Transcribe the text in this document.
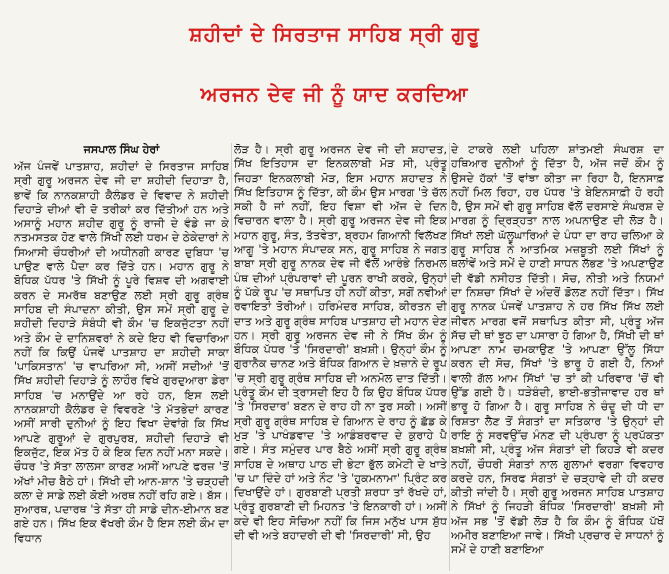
ਸ਼ਹੀਦਾਂ ਦੇ ਸਿਰਤਾਜ ਸਾਹਿਬ ਸ੍ਰੀ ਗੁਰੂ
ਅਰਜਨ ਦੇਵ ਜੀ ਨੂੰ ਯਾਦ ਕਰਦਿਆ
ਜਸਪਾਲ ਸਿੰਘ ਹੇਰਾਂ
ਅੱਜ ਪੰਜਵੇਂ ਪਾਤਸ਼ਾਹ, ਸ਼ਹੀਦਾਂ ਦੇ ਸਿਰਤਾਜ ਸਾਹਿਬ ਸ੍ਰੀ ਗੁਰੂ ਅਰਜਨ ਦੇਵ ਜੀ ਦਾ ਸ਼ਹੀਦੀ ਦਿਹਾੜਾ ਹੈ, ਭਾਵੇਂ ਕਿ ਨਾਨਕਸ਼ਾਹੀ ਕੈਲੰਡਰ ਦੇ ਵਿਵਾਦ ਨੇ ਸ਼ਹੀਦੀ ਦਿਹਾੜੇ ਦੀਆਂ ਵੀ ਦੋ ਤਰੀਕਾਂ ਕਰ ਦਿੱਤੀਆਂ ਹਨ ਅਤੇ ਅਸਾਨੂੰ ਮਹਾਨ ਸ਼ਹੀਦ ਗੁਰੂ ਨੂੰ ਰਾਜੀ ਦੇ ਵੰਡੇ ਜਾ ਕੇ ਨਤਮਸਤਕ ਹੋਣ ਵਾਲੇ ਸਿੱਖੀ ਲਈ ਧਰਮ ਦੇ ਠੇਕੇਦਾਰਾਂ ਨੇ ਸਿਆਸੀ ਚੌਧਰੀਆਂ ਦੀ ਅਧੀਨਗੀ ਕਾਰਣ ਦੁਬਿਧਾ 'ਚ ਪਾਉਣ ਵਾਲੇ ਪੈਦਾ ਕਰ ਦਿੱਤੇ ਹਨ। ਮਹਾਨ ਗੁਰੂ ਨੇ ਬੋਧਿਕ ਪੱਧਰ 'ਤੇ ਸਿੱਖੀ ਨੂੰ ਪੂਰੇ ਵਿਸ਼ਵ ਦੀ ਅਗਵਾਈ ਕਰਨ ਦੇ ਸਮਰੱਥ ਬਣਾਉਣ ਲਈ ਸ੍ਰੀ ਗੁਰੂ ਗ੍ਰੰਥ ਸਾਹਿਬ ਦੀ ਸੰਪਾਦਨਾ ਕੀਤੀ, ਉਸ ਸਮੇਂ ਸ੍ਰੀ ਗੁਰੂ ਦੇ ਸ਼ਹੀਦੀ ਦਿਹਾੜੇ ਸੰਬੰਧੀ ਵੀ ਕੌਮ 'ਚ ਇਕਜੁੱਟਤਾ ਨਹੀਂ ਅਤੇ ਕੌਮ ਦੇ ਦਾਨਿਸ਼ਵਰਾਂ ਨੇ ਕਦੇ ਇਹ ਵੀ ਵਿਚਾਰਿਆ ਨਹੀਂ ਕਿ ਕਿਉਂ ਪੰਜਵੇਂ ਪਾਤਸ਼ਾਹ ਦਾ ਸ਼ਹੀਦੀ ਸਾਕਾ 'ਪਾਕਿਸਤਾਨ' 'ਚ ਵਾਪਰਿਆ ਸੀ, ਅਸੀਂ ਸਦੀਆਂ 'ਤੋਂ ਸਿੱਖ ਸ਼ਹੀਦੀ ਦਿਹਾੜੇ ਨੂੰ ਲਾਹੌਰ ਵਿਖੇ ਗੁਰਦੁਆਰਾ ਡੇਰਾ ਸਾਹਿਬ 'ਚ ਮਨਾਉਂਦੇ ਆ ਰਹੇ ਹਨ, ਇਸ ਲਈ ਨਾਨਕਸ਼ਾਹੀ ਕੈਲੰਡਰ ਦੇ ਵਿਵਰਣੇ 'ਤੇ ਮੱਤਭੇਦਾਂ ਕਾਰਣ ਅਸੀਂ ਸਾਰੀ ਦੁਨੀਆਂ ਨੂੰ ਇਹ ਵਿਖਾ ਦੇਵਾਂਗੇ ਕਿ ਸਿੱਖ ਆਪਣੇ ਗੁਰੂਆਂ ਦੇ ਗੁਰਪੁਰਬ, ਸ਼ਹੀਦੀ ਦਿਹਾੜੇ ਵੀ ਇਕਜੁੱਟ, ਇਕ ਮੱਤ ਹੋ ਕੇ ਇਕ ਦਿਨ ਨਹੀਂ ਮਨਾ ਸਕਦੇ। ਚੌਧਰ 'ਤੇ ਸੱਤਾ ਲਾਲਸਾ ਕਾਰਣ ਅਸੀਂ ਆਪਣੇ ਫਰਜ਼ 'ਤੋਂ ਅੱਖਾਂ ਮੀਚ ਬੈਠੇ ਹਾਂ। ਸਿੱਖੀ ਦੀ ਆਨ-ਸ਼ਾਨ 'ਤੇ ਚੜ੍ਹਦੀ ਕਲਾ ਦੇ ਸਾਡੇ ਲਈ ਕੋਈ ਅਰਥ ਨਹੀਂ ਰਹਿ ਗਏ। ਬੱਸ। ਸੁਆਰਥ, ਪਦਾਰਥ 'ਤੇ ਸੱਤਾ ਹੀ ਸਾਡੇ ਦੀਨ-ਈਮਾਨ ਬਣ ਗਏ ਹਨ। ਸਿੱਖ ਇਕ ਵੱਖਰੀ ਕੌਮ ਹੈ ਇਸ ਲਈ ਕੌਮ ਦਾ ਵਿਧਾਨ
ਲੋੜ ਹੈ। ਸ੍ਰੀ ਗੁਰੂ ਅਰਜਨ ਦੇਵ ਜੀ ਦੀ ਸ਼ਹਾਦਤ, ਸਿੱਖ ਇਤਿਹਾਸ ਦਾ ਇਨਕਲਾਬੀ ਮੋੜ ਸੀ, ਪ੍ਰੰਤੂ ਜਿਹੜਾ ਇਨਕਲਾਬੀ ਮੋੜ, ਇਸ ਮਹਾਨ ਸ਼ਹਾਦਤ ਨੇ ਸਿੱਖ ਇਤਿਹਾਸ ਨੂੰ ਦਿੱਤਾ, ਕੀ ਕੌਮ ਉਸ ਮਾਰਗ 'ਤੇ ਚੱਲ ਸਕੀ ਹੈ ਜਾਂ ਨਹੀਂ, ਇਹ ਵਿਸ਼ਾ ਵੀ ਅੱਜ ਦੇ ਦਿਨ ਵਿਚਾਰਨ ਵਾਲਾ ਹੈ। ਸ੍ਰੀ ਗੁਰੂ ਅਰਜਨ ਦੇਵ ਜੀ ਇਕ ਮਹਾਨ ਗੁਰੂ, ਸੰਤ, ਤੱਤਵੇਤਾ, ਬ੍ਰਹਮ ਗਿਆਨੀ ਵਿਲੱਖਣ ਆਗੂ 'ਤੇ ਮਹਾਨ ਸੰਪਾਦਕ ਸਨ, ਗੁਰੂ ਸਾਹਿਬ ਨੇ ਜਗਤ ਬਾਬਾ ਸ੍ਰੀ ਗੁਰੂ ਨਾਨਕ ਦੇਵ ਜੀ ਵੱਲੋਂ ਆਰੰਭੇ ਨਿਰਮਲ ਪੰਥ ਦੀਆਂ ਪ੍ਰੰਪਰਾਵਾਂ ਦੀ ਪੂਰਨ ਰਾਖੀ ਕਰਕੇ, ਉਨ੍ਹਾਂ ਨੂੰ ਪੱਕੇ ਰੂਪ 'ਚ ਸਥਾਪਿਤ ਹੀ ਨਹੀਂ ਕੀਤਾ, ਸਗੋਂ ਨਵੀਆਂ ਰਵਾਇਤਾਂ ਤੋਰੀਆਂ। ਹਰਿਮੰਦਰ ਸਾਹਿਬ, ਕੀਰਤਨ ਦੀ ਦਾਤ ਅਤੇ ਗੁਰੂ ਗ੍ਰੰਥ ਸਾਹਿਬ ਪਾਤਸ਼ਾਹ ਦੀ ਮਹਾਨ ਦੇਣ ਹਨ। ਸ੍ਰੀ ਗੁਰੂ ਅਰਜਨ ਦੇਵ ਜੀ ਨੇ ਸਿੱਖ ਕੌਮ ਨੂੰ ਬੌਧਿਕ ਪੱਧਰ 'ਤੇ 'ਸਿਰਦਾਰੀ' ਬਖ਼ਸ਼ੀ। ਉਨ੍ਹਾਂ ਕੌਮ ਨੂੰ ਗੁਰਾਨੈਕ ਚਾਨਣ ਅਤੇ ਬੌਧਿਕ ਗਿਆਨ ਦੇ ਖ਼ਜ਼ਾਨੇ ਦੇ ਰੂਪ 'ਚ ਸ੍ਰੀ ਗੁਰੂ ਗ੍ਰੰਥ ਸਾਹਿਬ ਦੀ ਅਨਮੋਲ ਦਾਤ ਦਿੱਤੀ। ਪ੍ਰੰਤੂ ਕੌਮ ਦੀ ਤ੍ਰਾਸਦੀ ਇਹ ਹੈ ਕਿ ਉਹ ਬੌਧਿਕ ਪੱਧਰ 'ਤੇ 'ਸਿਰਦਾਰ' ਬਣਨ ਦੇ ਰਾਹ ਹੀ ਨਾ ਤੁਰ ਸਕੀ। ਅਸੀਂ ਸ੍ਰੀ ਗੁਰੂ ਗ੍ਰੰਥ ਸਾਹਿਬ ਦੇ ਗਿਆਨ ਦੇ ਰਾਹ ਨੂੰ ਛੱਡ ਕੇ ਮੁੜ 'ਤੇ ਪਾਖੰਡਵਾਦ 'ਤੇ ਆਡੰਬਰਵਾਦ ਦੇ ਕੁਰਾਹੇ ਪੈ ਗਏ। ਸੰਤ ਸਮੁੰਦਰ ਪਾਰ ਬੈਠੇ ਅਸੀਂ ਸ੍ਰੀ ਗੁਰੂ ਗ੍ਰੰਥ ਸਾਹਿਬ ਦੇ ਅਥਾਹ ਪਾਠ ਦੀ ਭੇਟਾ ਭੁੱਲ ਕਮੇਟੀ ਦੇ ਖਾਤੇ 'ਚ ਪਾ ਦਿੰਦੇ ਹਾਂ ਅਤੇ ਨੌਟ 'ਤੇ 'ਹੁਕਮਨਾਮਾ' ਪ੍ਰਿੰਟ ਕਰ ਦਿਖਾਉਂਦੇ ਹਾਂ। ਗੁਰਬਾਣੀ ਪ੍ਰਤੀ ਸ਼ਰਧਾ ਤਾਂ ਰੱਖਦੇ ਹਾਂ, ਪ੍ਰੰਤੂ ਗੁਰਬਾਣੀ ਦੀ ਮਿਹਨਤ 'ਤੇ ਇਨਕਾਰੀ ਹਾਂ। ਅਸੀਂ ਕਦੇ ਵੀ ਇਹ ਸੋਚਿਆ ਨਹੀਂ ਕਿ ਜਿਸ ਮਨੁੱਖ ਪਾਸ ਸ਼ੁੱਧ ਦੀ ਵੀ ਅਤੇ ਬਹਾਦਰੀ ਦੀ ਵੀ 'ਸਿਰਦਾਰੀ' ਸੀ, ਉਹ
ਦੇ ਟਾਕਰੇ ਲਈ ਪਹਿਲਾ ਸ਼ਾਂਤਮਈ ਸੰਘਰਸ਼ ਦਾ ਹਥਿਆਰ ਦੁਨੀਆਂ ਨੂੰ ਦਿੱਤਾ ਹੈ, ਅੱਜ ਜਦੋਂ ਕੌਮ ਨੂੰ ਉਸਦੇ ਹੱਕਾਂ 'ਤੋਂ ਵਾਂਝਾ ਕੀਤਾ ਜਾ ਰਿਹਾ ਹੈ, ਇਨਸਾਫ਼ ਨਹੀਂ ਮਿਲ ਰਿਹਾ, ਹਰ ਪੱਧਰ 'ਤੇ ਬੇਇਨਸਾਫ਼ੀ ਹੋ ਰਹੀ ਹੈ, ਉਸ ਸਮੇਂ ਵੀ ਗੁਰੂ ਸਾਹਿਬ ਵੱਲੋਂ ਦਰਸਾਏ ਸੰਘਰਸ਼ ਦੇ ਮਾਰਗ ਨੂੰ ਦ੍ਰਿੜ੍ਹਤਾ ਨਾਲ ਅਪਨਾਉਣ ਦੀ ਲੋੜ ਹੈ। ਸਿੱਖਾਂ ਲਈ ਘੱਲੂਘਾਰਿਆਂ ਦੇ ਪੰਧਾ ਦਾ ਰਾਹ ਚਲਿਆ ਕੇ ਗੁਰੂ ਸਾਹਿਬ ਨੇ ਆਤਮਿਕ ਮਜ਼ਬੂਤੀ ਲਈ ਸਿੱਖਾਂ ਨੂੰ ਥਲਾਂਵੇਂ ਅਤੇ ਸਮੇਂ ਦੇ ਹਾਣੀ ਸਾਧਨ ਲੱਭਣ 'ਤੇ ਅਪਣਾਉਣ ਦੀ ਵੱਡੀ ਨਸੀਹਤ ਦਿੱਤੀ। ਸੋਚ, ਨੀਤੀ ਅਤੇ ਨਿਯਮਾਂ ਦਾ ਨਿਸ਼ਚਾ ਸਿੱਖਾਂ ਦੇ ਅੰਦਰੋਂ ਡੋਲਣ ਨਹੀਂ ਦਿੱਤਾ। ਸਿੱਖ ਗੁਰੂ ਨਾਨਕ ਪੰਜਵੇਂ ਪਾਤਸ਼ਾਹ ਨੇ ਹਰ ਸਿੱਖ ਸਿੱਖ ਲਈ ਜੀਵਨ ਮਾਰਗ ਵਜੋਂ ਸਥਾਪਿਤ ਕੀਤਾ ਸੀ, ਪ੍ਰੰਤੂ ਅੱਜ ਸੱਚ ਦੀ ਥਾਂ ਝੂਠ ਦਾ ਪਸਾਰਾ ਹੋ ਗਿਆ ਹੈ, ਸਿੱਖੀ ਦੀ ਥਾਂ ਆਪਣਾ ਨਾਮ ਚਮਕਾਉਣ 'ਤੇ ਆਪਣਾ ਉੱਲੂ ਸਿੱਧਾ ਕਰਨ ਦੀ ਸੋਚ, ਸਿੱਖਾਂ 'ਤੇ ਭਾਰੂ ਹੋ ਗਈ ਹੈ, ਨਿਆਂ ਵਾਲੀ ਗੱਲ ਆਮ ਸਿੱਖਾਂ 'ਚ ਤਾਂ ਕੀ ਪਰਿਵਾਰ 'ਚੋਂ ਵੀ ਉੱਡ ਗਈ ਹੈ। ਧੜੇਬੰਦੀ, ਭਾਈ-ਭਤੀਜਾਵਾਦ ਹਰ ਥਾਂ ਭਾਰੂ ਹੋ ਗਿਆ ਹੈ। ਗੁਰੂ ਸਾਹਿਬ ਨੇ ਚੰਦੂ ਦੀ ਧੀ ਦਾ ਰਿਸ਼ਤਾ ਲੈਣ ਤੋਂ ਸੰਗਤਾਂ ਦਾ ਸਤਿਕਾਰ 'ਤੇ ਉਨ੍ਹਾਂ ਦੀ ਰਾਇ ਨੂੰ ਸਰਵਉੱਚ ਮੰਨਣ ਦੀ ਪ੍ਰੰਪਰਾ ਨੂੰ ਪ੍ਰਪੱਕਤਾ ਬਖ਼ਸ਼ੀ ਸੀ, ਪ੍ਰੰਤੂ ਅੱਜ ਸੰਗਤਾਂ ਦੀ ਕਿਹੜੇ ਵੀ ਕਦਰ ਨਹੀਂ, ਚੌਧਰੀ ਸੰਗਤਾਂ ਨਾਲ ਗੁਲਾਮਾਂ ਵਰਗਾ ਵਿਵਹਾਰ ਕਰਦੇ ਹਨ, ਸਿਰਫ ਸੰਗਤਾਂ ਦੇ ਚੜ੍ਹਾਵੇ ਦੀ ਹੀ ਕਦਰ ਕੀਤੀ ਜਾਂਦੀ ਹੈ। ਸ੍ਰੀ ਗੁਰੂ ਅਰਜਨ ਸਾਹਿਬ ਪਾਤਸ਼ਾਹ ਨੇ ਸਿੱਖਾਂ ਨੂੰ ਜਿਹੜੀ ਬੌਧਿਕ 'ਸਿਰਦਾਰੀ' ਬਖ਼ਸ਼ੀ ਸੀ ਅੱਜ ਸਭ 'ਤੋਂ ਵੱਡੀ ਲੋੜ ਹੈ ਕਿ ਕੌਮ ਨੂੰ ਬੌਧਿਕ ਪੱਖੋਂ ਅਮੀਰ ਬਣਾਇਆ ਜਾਵੇ। ਸਿੱਖੀ ਪ੍ਰਚਾਰ ਦੇ ਸਾਧਨਾਂ ਨੂੰ ਸਮੇਂ ਦੇ ਹਾਣੀ ਬਣਾਇਆ
